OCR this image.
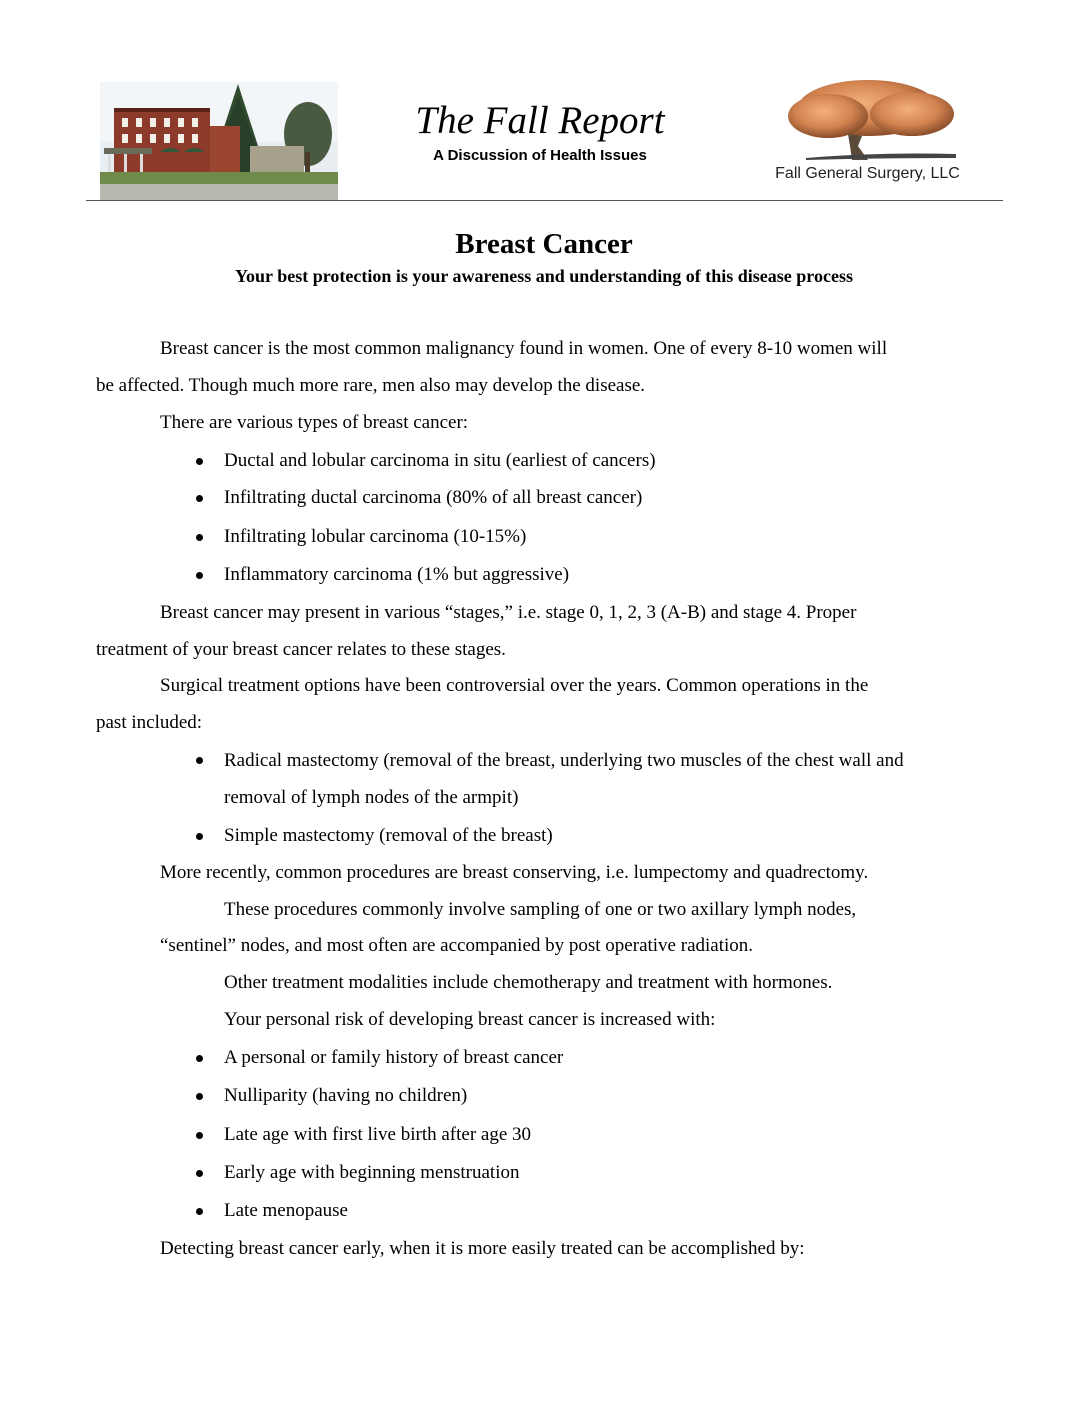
The Fall Report
A Discussion of Health Issues
Fall General Surgery, LLC
Breast Cancer
Your best protection is your awareness and understanding of this disease process
Breast cancer is the most common malignancy found in women. One of every 8-10 women will
be affected. Though much more rare, men also may develop the disease.
There are various types of breast cancer:
Ductal and lobular carcinoma in situ (earliest of cancers)
Infiltrating ductal carcinoma (80% of all breast cancer)
Infiltrating lobular carcinoma (10-15%)
Inflammatory carcinoma (1% but aggressive)
Breast cancer may present in various “stages,” i.e. stage 0, 1, 2, 3 (A-B) and stage 4. Proper
treatment of your breast cancer relates to these stages.
Surgical treatment options have been controversial over the years. Common operations in the
past included:
Radical mastectomy (removal of the breast, underlying two muscles of the chest wall and
removal of lymph nodes of the armpit)
Simple mastectomy (removal of the breast)
More recently, common procedures are breast conserving, i.e. lumpectomy and quadrectomy.
These procedures commonly involve sampling of one or two axillary lymph nodes,
“sentinel” nodes, and most often are accompanied by post operative radiation.
Other treatment modalities include chemotherapy and treatment with hormones.
Your personal risk of developing breast cancer is increased with:
A personal or family history of breast cancer
Nulliparity (having no children)
Late age with first live birth after age 30
Early age with beginning menstruation
Late menopause
Detecting breast cancer early, when it is more easily treated can be accomplished by:
